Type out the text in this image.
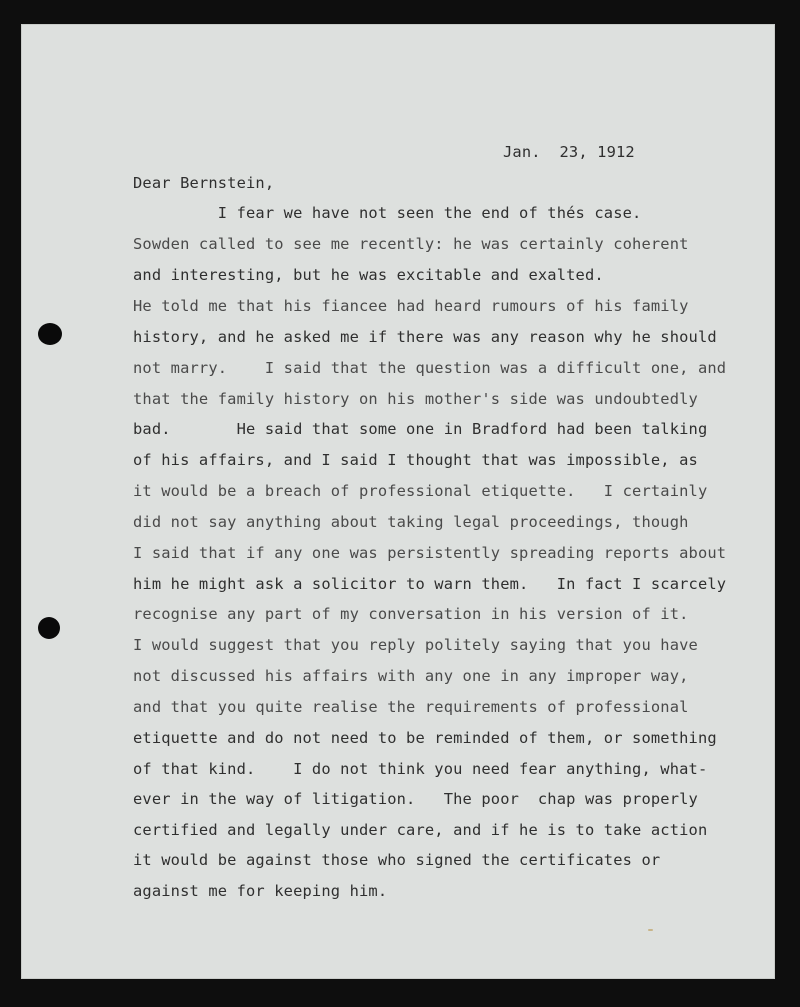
Jan.  23, 1912

Dear Bernstein,

I fear we have not seen the end of thés case.

Sowden called to see me recently: he was certainly coherent

and interesting, but he was excitable and exalted.

He told me that his fiancee had heard rumours of his family

history, and he asked me if there was any reason why he should

not marry.    I said that the question was a difficult one, and

that the family history on his mother's side was undoubtedly

bad.       He said that some one in Bradford had been talking

of his affairs, and I said I thought that was impossible, as

it would be a breach of professional etiquette.   I certainly

did not say anything about taking legal proceedings, though

I said that if any one was persistently spreading reports about

him he might ask a solicitor to warn them.   In fact I scarcely

recognise any part of my conversation in his version of it.

I would suggest that you reply politely saying that you have

not discussed his affairs with any one in any improper way,

and that you quite realise the requirements of professional

etiquette and do not need to be reminded of them, or something

of that kind.    I do not think you need fear anything, what-

ever in the way of litigation.   The poor  chap was properly

certified and legally under care, and if he is to take action

it would be against those who signed the certificates or

against me for keeping him.
